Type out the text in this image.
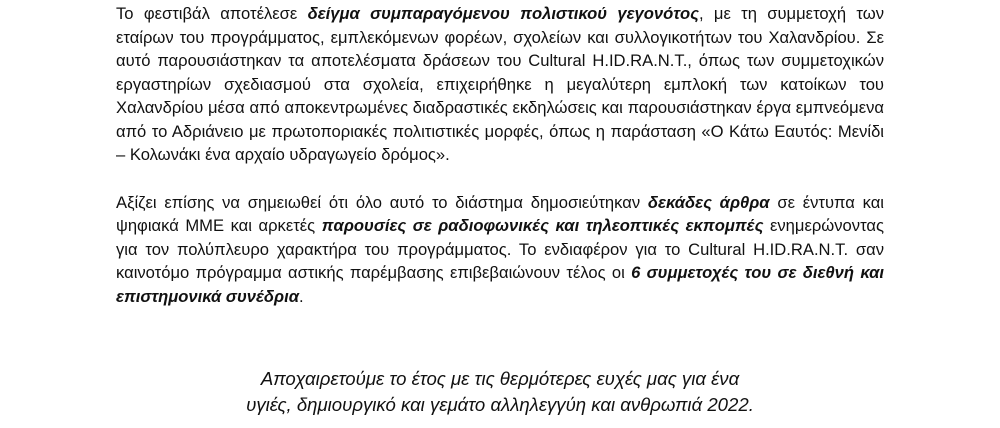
Το φεστιβάλ αποτέλεσε δείγμα συμπαραγόμενου πολιστικού γεγονότος, με τη συμμετοχή των εταίρων του προγράμματος, εμπλεκόμενων φορέων, σχολείων και συλλογικοτήτων του Χαλανδρίου. Σε αυτό παρουσιάστηκαν τα αποτελέσματα δράσεων του Cultural H.ID.RA.N.T., όπως των συμμετοχικών εργαστηρίων σχεδιασμού στα σχολεία, επιχειρήθηκε η μεγαλύτερη εμπλοκή των κατοίκων του Χαλανδρίου μέσα από αποκεντρωμένες διαδραστικές εκδηλώσεις και παρουσιάστηκαν έργα εμπνεόμενα από το Αδριάνειο με πρωτοποριακές πολιτιστικές μορφές, όπως η παράσταση «Ο Κάτω Εαυτός: Μενίδι – Κολωνάκι ένα αρχαίο υδραγωγείο δρόμος».

Αξίζει επίσης να σημειωθεί ότι όλο αυτό το διάστημα δημοσιεύτηκαν δεκάδες άρθρα σε έντυπα και ψηφιακά ΜΜΕ και αρκετές παρουσίες σε ραδιοφωνικές και τηλεοπτικές εκπομπές ενημερώνοντας για τον πολύπλευρο χαρακτήρα του προγράμματος. Το ενδιαφέρον για το Cultural H.ID.RA.N.T. σαν καινοτόμο πρόγραμμα αστικής παρέμβασης επιβεβαιώνουν τέλος οι 6 συμμετοχές του σε διεθνή και επιστημονικά συνέδρια.

Αποχαιρετούμε το έτος με τις θερμότερες ευχές μας για ένα
υγιές, δημιουργικό και γεμάτο αλληλεγγύη και ανθρωπιά 2022.
